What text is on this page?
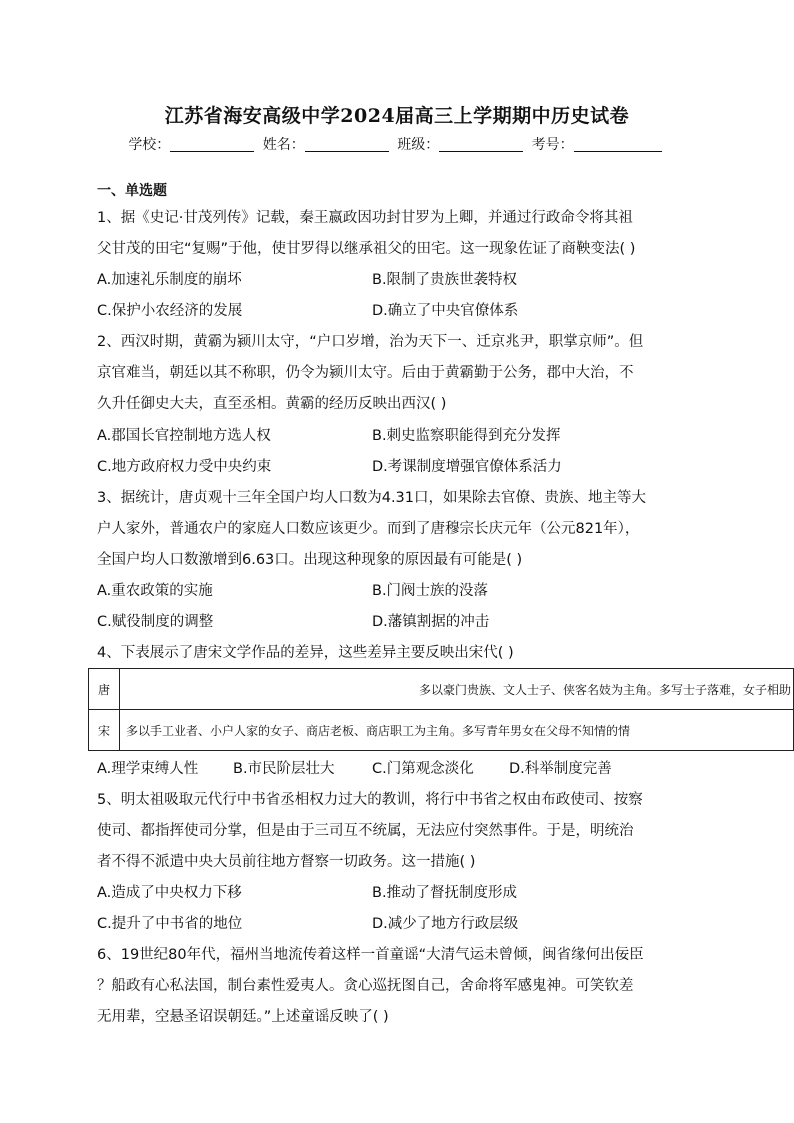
江苏省海安高级中学2024届高三上学期期中历史试卷
学校：	姓名：	班级：	考号：
一、单选题
1、据《史记·甘茂列传》记载，秦王嬴政因功封甘罗为上卿，并通过行政命令将其祖
父甘茂的田宅“复赐”于他，使甘罗得以继承祖父的田宅。这一现象佐证了商鞅变法( )
A.加速礼乐制度的崩坏	B.限制了贵族世袭特权
C.保护小农经济的发展	D.确立了中央官僚体系
2、西汉时期，黄霸为颍川太守，“户口岁增，治为天下一、迁京兆尹，职掌京师”。但
京官难当，朝廷以其不称职，仍令为颍川太守。后由于黄霸勤于公务，郡中大治，不
久升任御史大夫，直至丞相。黄霸的经历反映出西汉( )
A.郡国长官控制地方选人权	B.刺史监察职能得到充分发挥
C.地方政府权力受中央约束	D.考课制度增强官僚体系活力
3、据统计，唐贞观十三年全国户均人口数为4.31口，如果除去官僚、贵族、地主等大
户人家外，普通农户的家庭人口数应该更少。而到了唐穆宗长庆元年（公元821年），
全国户均人口数激增到6.63口。出现这种现象的原因最有可能是( )
A.重农政策的实施	B.门阀士族的没落
C.赋役制度的调整	D.藩镇割据的冲击
4、下表展示了唐宋文学作品的差异，这些差异主要反映出宋代( )
唐	多以豪门贵族、文人士子、侠客名妓为主角。多写士子落难，女子相助

宋	多以手工业者、小户人家的女子、商店老板、商店职工为主角。多写青年男女在父母不知情的情
A.理学束缚人性 B.市民阶层壮大	C.门第观念淡化 D.科举制度完善
5、明太祖吸取元代行中书省丞相权力过大的教训，将行中书省之权由布政使司、按察
使司、都指挥使司分掌，但是由于三司互不统属，无法应付突然事件。于是，明统治
者不得不派遣中央大员前往地方督察一切政务。这一措施( )
A.造成了中央权力下移	B.推动了督抚制度形成
C.提升了中书省的地位	D.减少了地方行政层级
6、19世纪80年代，福州当地流传着这样一首童谣“大清气运未曾倾，闽省缘何出佞臣
？船政有心私法国，制台素性爱夷人。贪心巡抚图自己，舍命将军感鬼神。可笑钦差
无用辈，空悬圣诏误朝廷。”上述童谣反映了( )
